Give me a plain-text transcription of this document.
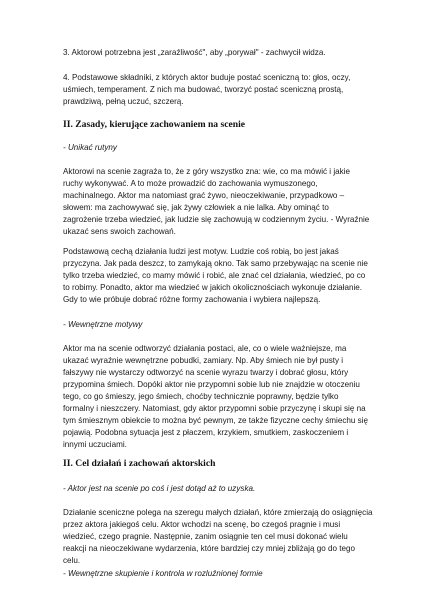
3. Aktorowi potrzebna jest „zaraźliwość", aby „porywał" - zachwycił widza.

4. Podstawowe składniki, z których aktor buduje postać sceniczną to: głos, oczy,
uśmiech, temperament. Z nich ma budować, tworzyć postać sceniczną prostą,
prawdziwą, pełną uczuć, szczerą.

II. Zasady, kierujące zachowaniem na scenie

- Unikać rutyny

Aktorowi na scenie zagraża to, że z góry wszystko zna: wie, co ma mówić i jakie
ruchy wykonywać. A to może prowadzić do zachowania wymuszonego,
machinalnego. Aktor ma natomiast grać żywo, nieoczekiwanie, przypadkowo –
słowem: ma zachowywać się, jak żywy człowiek a nie lalka. Aby ominąć to
zagrożenie trzeba wiedzieć, jak ludzie się zachowują w codziennym życiu. - Wyraźnie
ukazać sens swoich zachowań.

Podstawową cechą działania ludzi jest motyw. Ludzie coś robią, bo jest jakaś
przyczyna. Jak pada deszcz, to zamykają okno. Tak samo przebywając na scenie nie
tylko trzeba wiedzieć, co mamy mówić i robić, ale znać cel działania, wiedzieć, po co
to robimy. Ponadto, aktor ma wiedzieć w jakich okolicznościach wykonuje działanie.
Gdy to wie próbuje dobrać różne formy zachowania i wybiera najlepszą.

- Wewnętrzne motywy

Aktor ma na scenie odtworzyć działania postaci, ale, co o wiele ważniejsze, ma
ukazać wyraźnie wewnętrzne pobudki, zamiary. Np. Aby śmiech nie był pusty i
fałszywy nie wystarczy odtworzyć na scenie wyrazu twarzy i dobrać głosu, który
przypomina śmiech. Dopóki aktor nie przypomni sobie lub nie znajdzie w otoczeniu
tego, co go śmieszy, jego śmiech, choćby technicznie poprawny, będzie tylko
formalny i nieszczery. Natomiast, gdy aktor przypomni sobie przyczynę i skupi się na
tym śmiesznym obiekcie to można być pewnym, ze także fizyczne cechy śmiechu się
pojawią. Podobna sytuacja jest z płaczem, krzykiem, smutkiem, zaskoczeniem i
innymi uczuciami.

II. Cel działań i zachowań aktorskich

- Aktor jest na scenie po coś i jest dotąd aż to uzyska.

Działanie sceniczne polega na szeregu małych działań, które zmierzają do osiągnięcia
przez aktora jakiegoś celu. Aktor wchodzi na scenę, bo czegoś pragnie i musi
wiedzieć, czego pragnie. Następnie, zanim osiągnie ten cel musi dokonać wielu
reakcji na nieoczekiwane wydarzenia, które bardziej czy mniej zbliżają go do tego
celu.

- Wewnętrzne skupienie i kontrola w rozluźnionej formie
